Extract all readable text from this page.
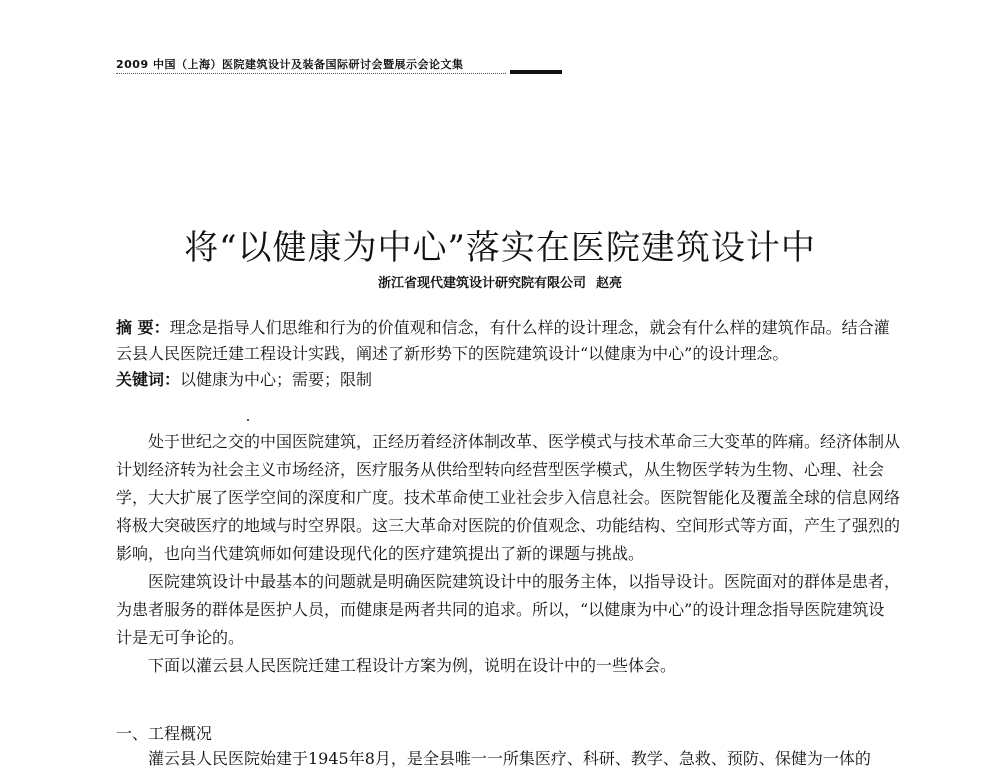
2009 中国（上海）医院建筑设计及装备国际研讨会暨展示会论文集
将“以健康为中心”落实在医院建筑设计中
浙江省现代建筑设计研究院有限公司 赵亮

摘 要：理念是指导人们思维和行为的价值观和信念，有什么样的设计理念，就会有什么样的建筑作品。结合灌云县人民医院迁建工程设计实践，阐述了新形势下的医院建筑设计“以健康为中心”的设计理念。

关键词：以健康为中心；需要；限制

处于世纪之交的中国医院建筑，正经历着经济体制改革、医学模式与技术革命三大变革的阵痛。经济体制从计划经济转为社会主义市场经济，医疗服务从供给型转向经营型医学模式，从生物医学转为生物、心理、社会学，大大扩展了医学空间的深度和广度。技术革命使工业社会步入信息社会。医院智能化及覆盖全球的信息网络将极大突破医疗的地域与时空界限。这三大革命对医院的价值观念、功能结构、空间形式等方面，产生了强烈的影响，也向当代建筑师如何建设现代化的医疗建筑提出了新的课题与挑战。

医院建筑设计中最基本的问题就是明确医院建筑设计中的服务主体，以指导设计。医院面对的群体是患者，为患者服务的群体是医护人员，而健康是两者共同的追求。所以，“以健康为中心”的设计理念指导医院建筑设计是无可争论的。

下面以灌云县人民医院迁建工程设计方案为例，说明在设计中的一些体会。

一、工程概况
灌云县人民医院始建于1945年8月，是全县唯一一所集医疗、科研、教学、急救、预防、保健为一体的
